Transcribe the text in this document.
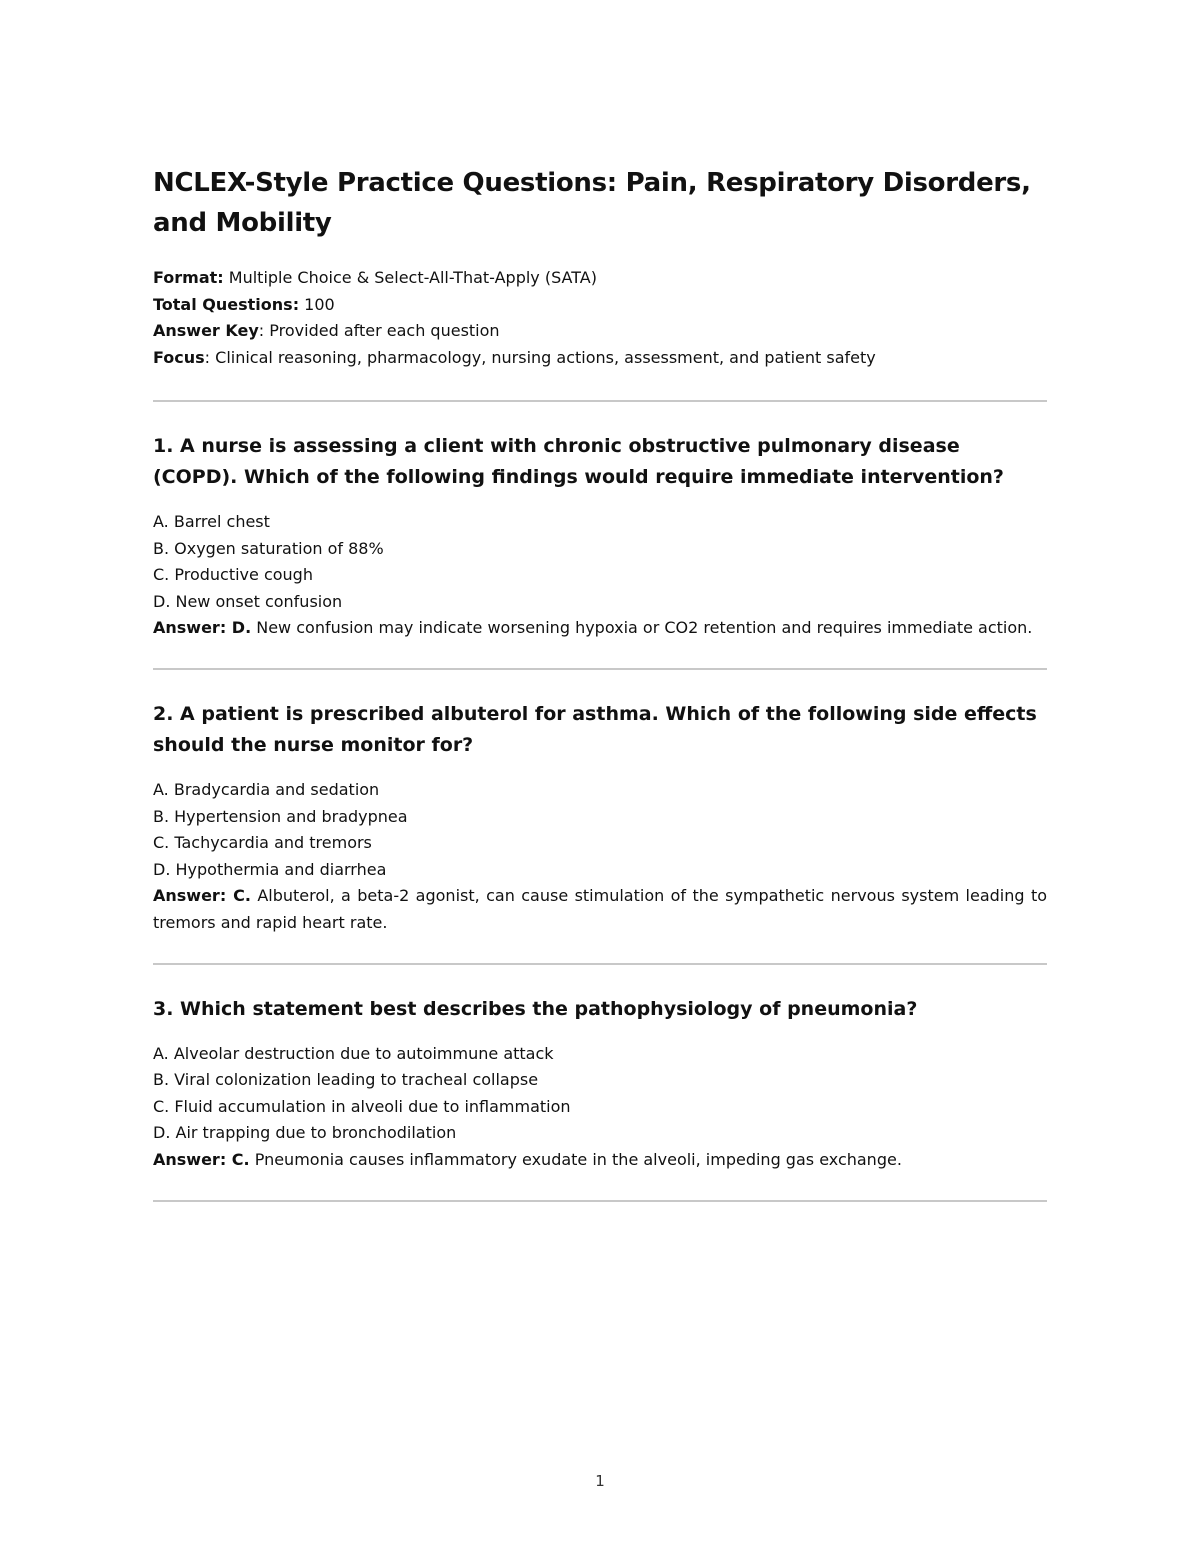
NCLEX-Style Practice Questions: Pain, Respiratory Disorders, and Mobility
Format: Multiple Choice & Select-All-That-Apply (SATA)
Total Questions: 100
Answer Key: Provided after each question
Focus: Clinical reasoning, pharmacology, nursing actions, assessment, and patient safety

1. A nurse is assessing a client with chronic obstructive pulmonary disease (COPD). Which of the following findings would require immediate intervention?

A. Barrel chest
B. Oxygen saturation of 88%
C. Productive cough
D. New onset confusion
Answer: D. New confusion may indicate worsening hypoxia or CO2 retention and requires immediate action.

2. A patient is prescribed albuterol for asthma. Which of the following side effects should the nurse monitor for?

A. Bradycardia and sedation
B. Hypertension and bradypnea
C. Tachycardia and tremors
D. Hypothermia and diarrhea
Answer: C. Albuterol, a beta-2 agonist, can cause stimulation of the sympathetic nervous system leading to tremors and rapid heart rate.

3. Which statement best describes the pathophysiology of pneumonia?

A. Alveolar destruction due to autoimmune attack
B. Viral colonization leading to tracheal collapse
C. Fluid accumulation in alveoli due to inflammation
D. Air trapping due to bronchodilation
Answer: C. Pneumonia causes inflammatory exudate in the alveoli, impeding gas exchange.
1
